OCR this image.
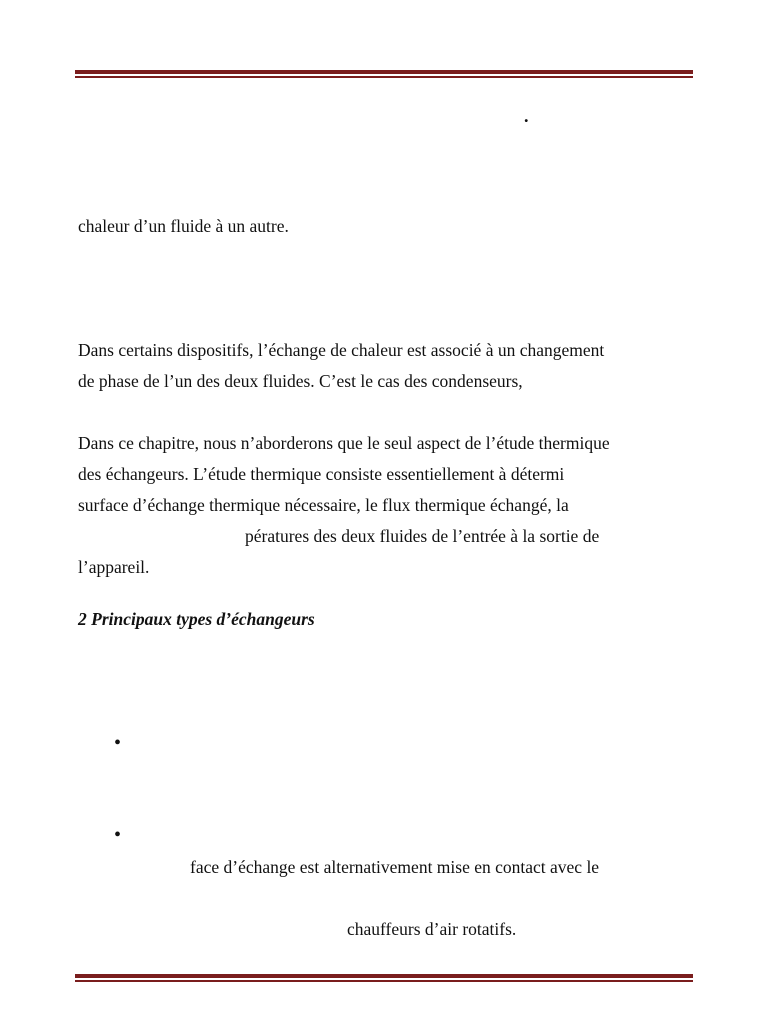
.
chaleur d’un fluide à un autre.
Dans certains dispositifs, l’échange de chaleur est associé à un changement
de phase de l’un des deux fluides. C’est le cas des condenseurs,
Dans ce chapitre, nous n’aborderons que le seul aspect de l’étude thermique
des échangeurs. L’étude thermique consiste essentiellement à détermi
surface d’échange thermique nécessaire, le flux thermique échangé, la
pératures des deux fluides de l’entrée à la sortie de
l’appareil.
2 Principaux types d’échangeurs
•
•
face d’échange est alternativement mise en contact avec le
chauffeurs d’air rotatifs.
